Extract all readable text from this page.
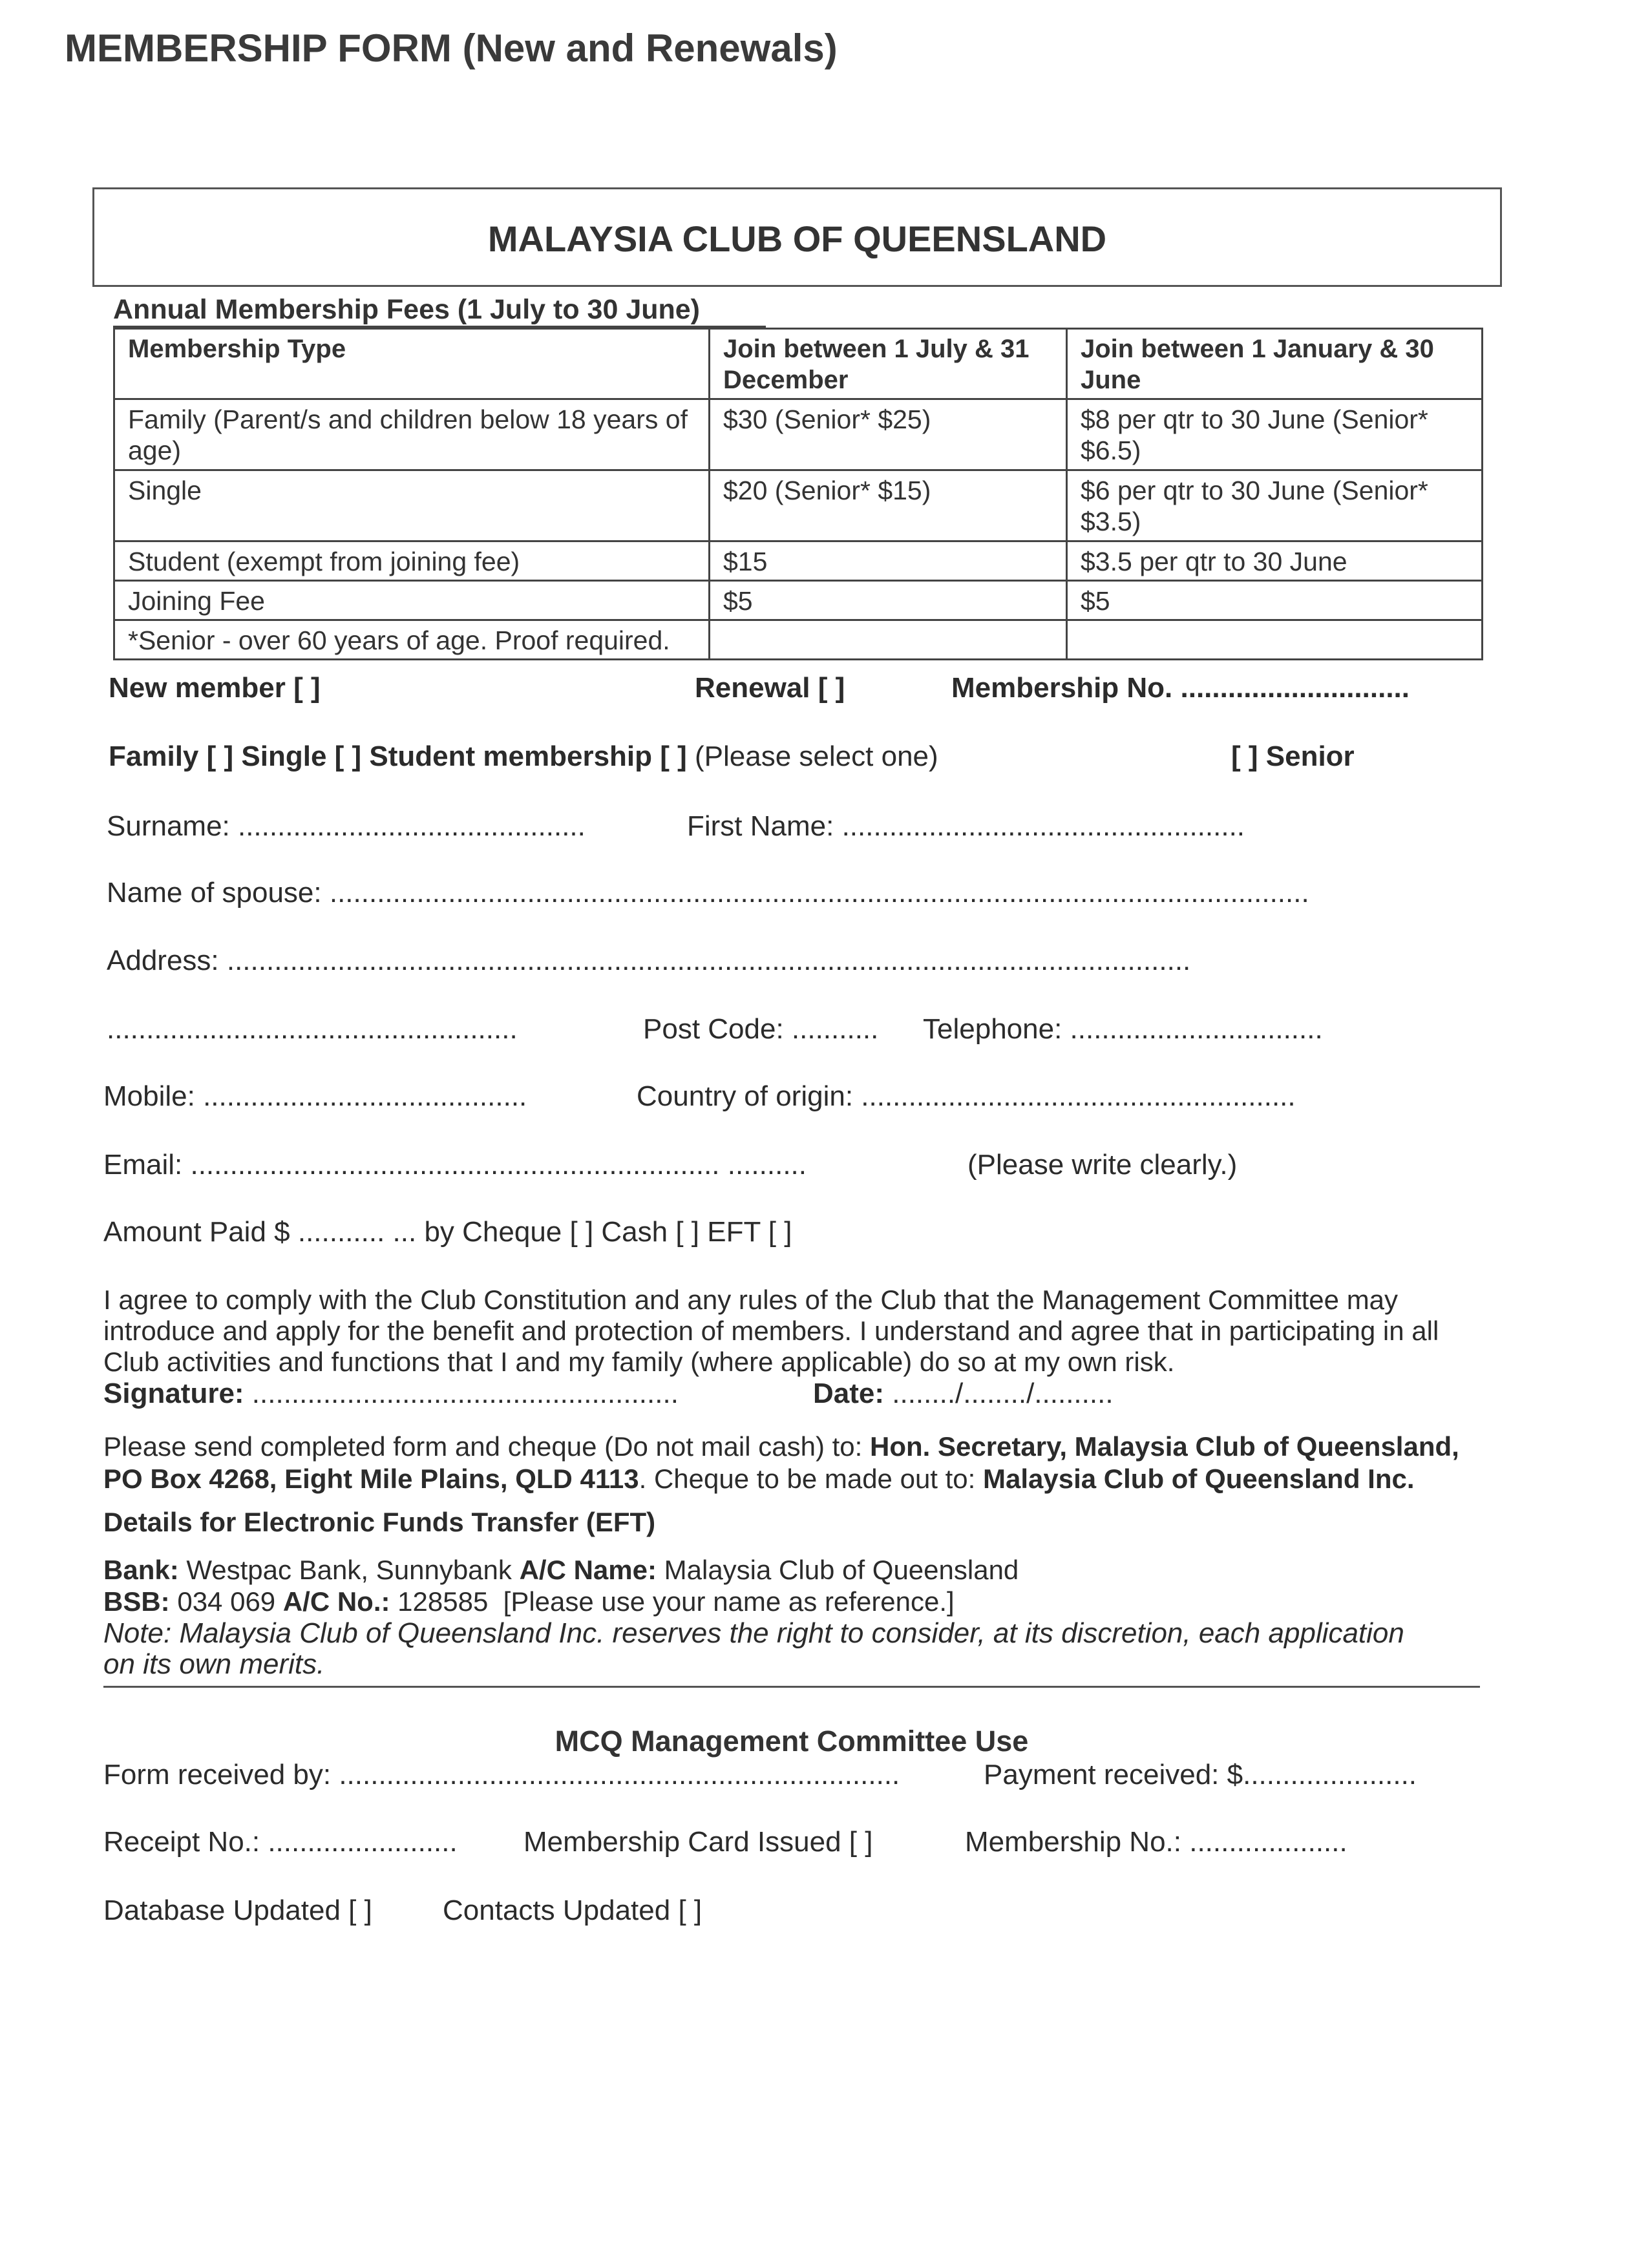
MEMBERSHIP FORM (New and Renewals)
MALAYSIA CLUB OF QUEENSLAND
Annual Membership Fees (1 July to 30 June)
Membership Type	Join between 1 July & 31 December	Join between 1 January & 30 June
Family (Parent/s and children below 18 years of age)	$30 (Senior* $25)	$8 per qtr to 30 June (Senior* $6.5)
Single	$20 (Senior* $15)	$6 per qtr to 30 June (Senior* $3.5)
Student (exempt from joining fee)	$15	$3.5 per qtr to 30 June
Joining Fee	$5	$5
*Senior - over 60 years of age. Proof required.		
New member [ ]	Renewal [ ]	Membership No. .............................
Family [ ] Single [ ] Student membership [ ] (Please select one)	[ ] Senior
Surname: ............................................	First Name: ...................................................
Name of spouse: ............................................................................................................................
Address: ..........................................................................................................................
....................................................	Post Code: ........... Telephone: ................................
Mobile: .........................................	Country of origin: .......................................................
Email: ................................................................... ..........	(Please write clearly.)
Amount Paid $ ........... ... by Cheque [ ] Cash [ ] EFT [ ]
I agree to comply with the Club Constitution and any rules of the Club that the Management Committee may
introduce and apply for the benefit and protection of members. I understand and agree that in participating in all
Club activities and functions that I and my family (where applicable) do so at my own risk.
Signature: ......................................................	Date: ......../......../..........
Please send completed form and cheque (Do not mail cash) to: Hon. Secretary, Malaysia Club of Queensland,
PO Box 4268, Eight Mile Plains, QLD 4113. Cheque to be made out to: Malaysia Club of Queensland Inc.
Details for Electronic Funds Transfer (EFT)
Bank: Westpac Bank, Sunnybank A/C Name: Malaysia Club of Queensland
BSB: 034 069 A/C No.: 128585 [Please use your name as reference.]
Note: Malaysia Club of Queensland Inc. reserves the right to consider, at its discretion, each application
on its own merits.
MCQ Management Committee Use
Form received by: .......................................................................	Payment received: $......................
Receipt No.: ........................ Membership Card Issued [ ]	Membership No.: ....................
Database Updated [ ] Contacts Updated [ ]
